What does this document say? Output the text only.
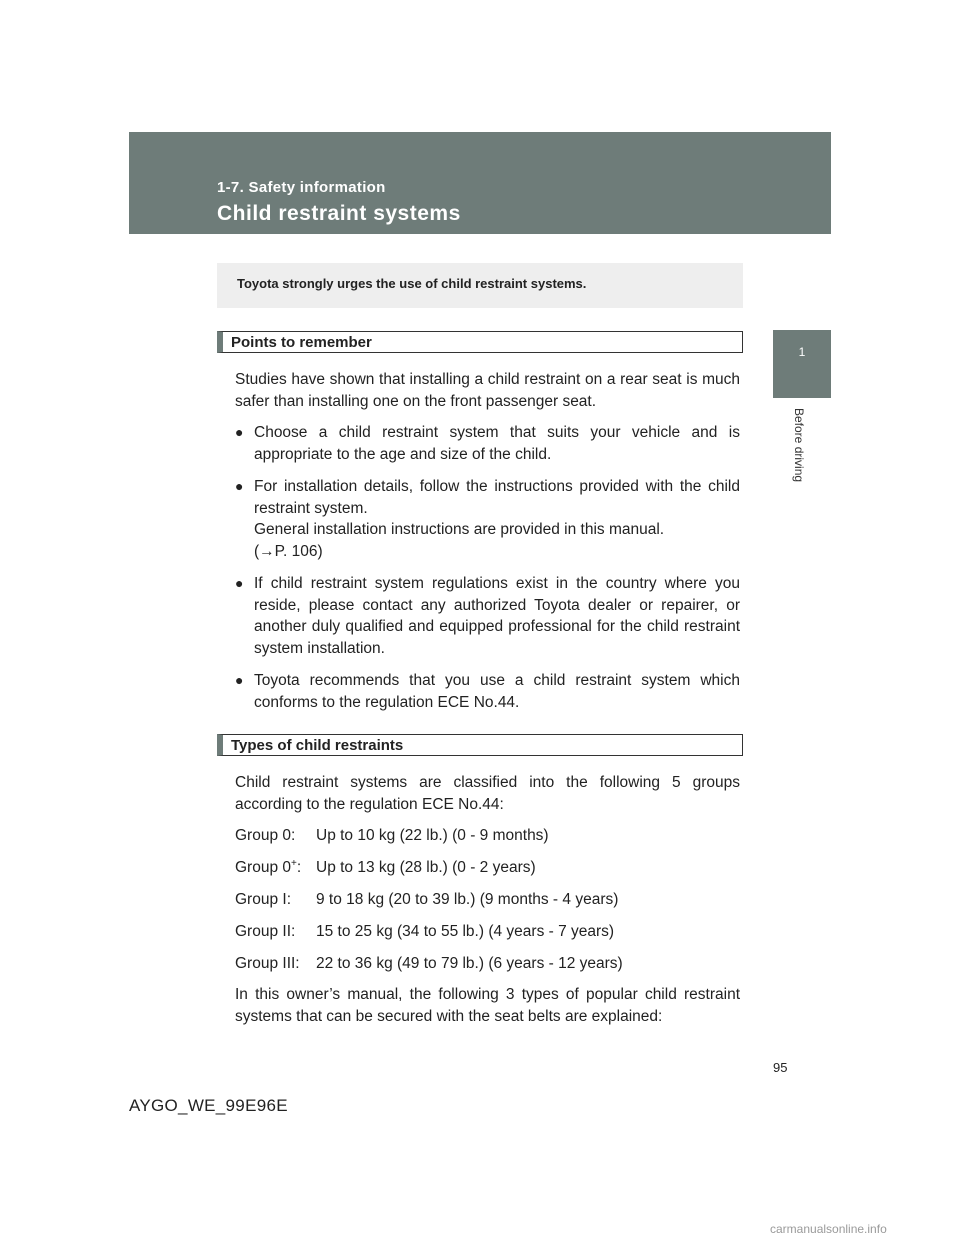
1-7. Safety information
Child restraint systems
1
Before driving
Toyota strongly urges the use of child restraint systems.
Points to remember
Studies have shown that installing a child restraint on a rear seat is much safer than installing one on the front passenger seat.
● Choose a child restraint system that suits your vehicle and is appropriate to the age and size of the child.
● For installation details, follow the instructions provided with the child restraint system.
General installation instructions are provided in this manual.
(→P. 106)
● If child restraint system regulations exist in the country where you reside, please contact any authorized Toyota dealer or repairer, or another duly qualified and equipped professional for the child restraint system installation.
● Toyota recommends that you use a child restraint system which conforms to the regulation ECE No.44.
Types of child restraints
Child restraint systems are classified into the following 5 groups according to the regulation ECE No.44:
Group 0: Up to 10 kg (22 lb.) (0 - 9 months)
Group 0+: Up to 13 kg (28 lb.) (0 - 2 years)
Group I: 9 to 18 kg (20 to 39 lb.) (9 months - 4 years)
Group II: 15 to 25 kg (34 to 55 lb.) (4 years - 7 years)
Group III: 22 to 36 kg (49 to 79 lb.) (6 years - 12 years)
In this owner’s manual, the following 3 types of popular child restraint systems that can be secured with the seat belts are explained:
95
AYGO_WE_99E96E
carmanualsonline.info
